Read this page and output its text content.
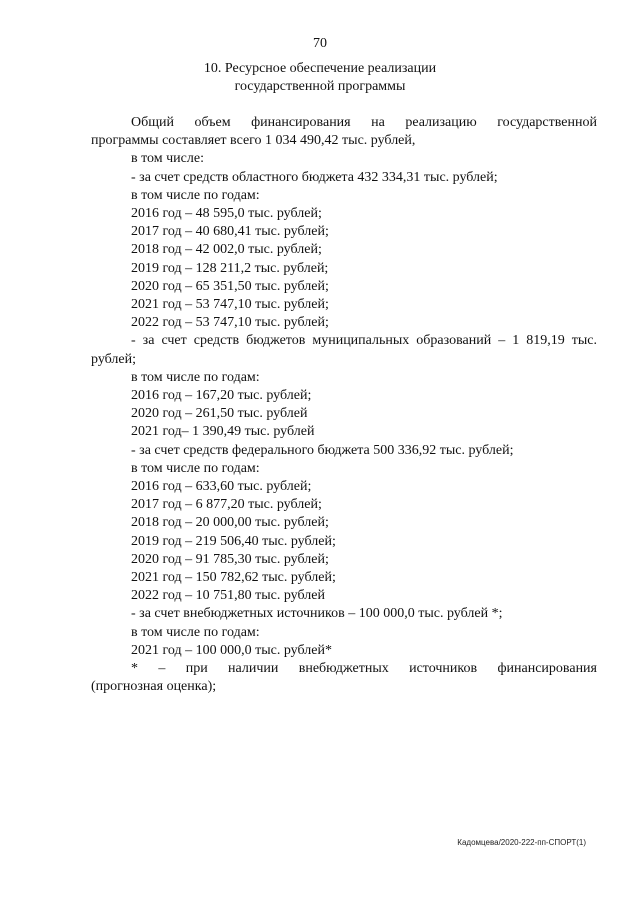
70
10. Ресурсное обеспечение реализации
государственной программы
Общий объем финансирования на реализацию государственной
программы составляет всего 1 034 490,42 тыс. рублей,
в том числе:
- за счет средств областного бюджета 432 334,31 тыс. рублей;
в том числе по годам:
2016 год – 48 595,0 тыс. рублей;
2017 год – 40 680,41 тыс. рублей;
2018 год – 42 002,0 тыс. рублей;
2019 год – 128 211,2 тыс. рублей;
2020 год – 65 351,50 тыс. рублей;
2021 год – 53 747,10 тыс. рублей;
2022 год – 53 747,10 тыс. рублей;
- за счет средств бюджетов муниципальных образований – 1 819,19 тыс.
рублей;
в том числе по годам:
2016 год – 167,20 тыс. рублей;
2020 год – 261,50 тыс. рублей
2021 год– 1 390,49 тыс. рублей
- за счет средств федерального бюджета 500 336,92 тыс. рублей;
в том числе по годам:
2016 год – 633,60 тыс. рублей;
2017 год – 6 877,20 тыс. рублей;
2018 год – 20 000,00 тыс. рублей;
2019 год – 219 506,40 тыс. рублей;
2020 год – 91 785,30 тыс. рублей;
2021 год – 150 782,62 тыс. рублей;
2022 год – 10 751,80 тыс. рублей
- за счет внебюджетных источников – 100 000,0 тыс. рублей *;
в том числе по годам:
2021 год – 100 000,0 тыс. рублей*
* – при наличии внебюджетных источников финансирования
(прогнозная оценка);
Кадомцева/2020-222-пп-СПОРТ(1)
